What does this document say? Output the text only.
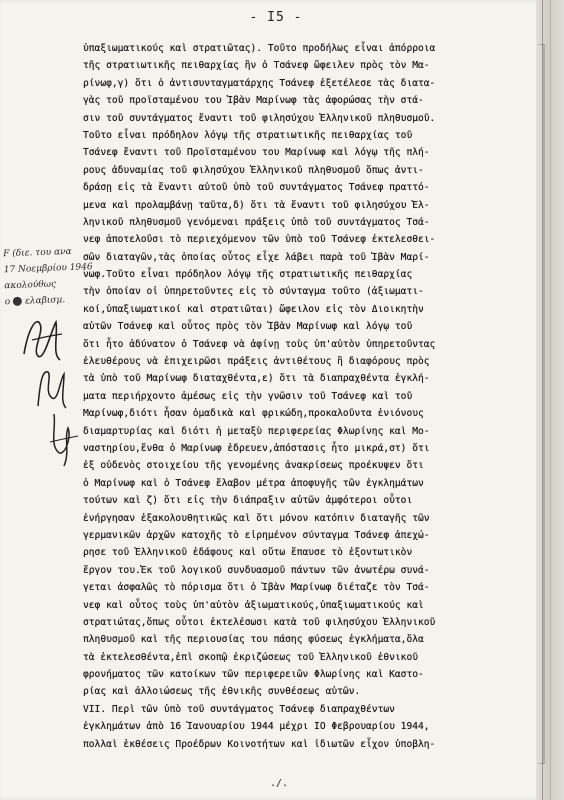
- I5 -
ὑπαξιωματικούς καὶ στρατιῶτας). Τοῦτο προδήλως εἶναι ἀπόρροια
τῆς στρατιωτικῆς πειθαρχίας ἣν ὁ Τσάνεφ ὤφειλεν πρὸς τὸν Μα-
ρίνωφ,γ) ὅτι ὁ ἀντισυνταγματάρχης Τσάνεφ ἐξετέλεσε τὰς διατα-
γὰς τοῦ προϊσταμένου του Ἰβὰν Μαρίνωφ τὰς ἀφορώσας τὴν στά-
σιν τοῦ συντάγματος ἔναντι τοῦ φιλησύχου Ἑλληνικοῦ πληθυσμοῦ.
Τοῦτο εἶναι πρόδηλον λόγῳ τῆς στρατιωτικῆς πειθαρχίας τοῦ
Τσάνεφ ἔναντι τοῦ Προϊσταμένου του Μαρίνωφ καὶ λόγῳ τῆς πλή-
ρους ἀδυναμίας τοῦ φιλησύχου Ἑλληνικοῦ πληθυσμοῦ ὅπως ἀντι-
δράσῃ εἰς τὰ ἔναντι αὐτοῦ ὑπὸ τοῦ συντάγματος Τσάνεφ πραττό-
μενα καὶ προλαμβάνῃ ταῦτα,δ) ὅτι τὰ ἔναντι τοῦ φιλησύχου Ἑλ-
ληνικοῦ πληθυσμοῦ γενόμεναι πράξεις ὑπὸ τοῦ συντάγματος Τσά-
νεφ ἀποτελοῦσι τὸ περιεχόμενον τῶν ὑπὸ τοῦ Τσάνεφ ἐκτελεσθει-
σῶν διαταγῶν,τὰς ὁποίας οὗτος εἶχε λάβει παρὰ τοῦ Ἰβὰν Μαρί-
νωφ.Τοῦτο εἶναι πρόδηλον λόγῳ τῆς στρατιωτικῆς πειθαρχίας
τὴν ὁποίαν οἱ ὑπηρετοῦντες εἰς τὸ σύνταγμα τοῦτο (ἀξιωματι-
κοί,ὑπαξιωματικοί καὶ στρατιῶται) ὤφειλον εἰς τὸν Διοικητὴν
αὐτῶν Τσάνεφ καὶ οὗτος πρὸς τὸν Ἰβὰν Μαρίνωφ καὶ λόγῳ τοῦ
ὅτι ἦτο ἀδύνατον ὁ Τσάνεφ νὰ ἀφίνῃ τοὺς ὑπ'αὐτὸν ὑπηρετοῦντας
ἐλευθέρους νὰ ἐπιχειρῶσι πράξεις ἀντιθέτους ἢ διαφόρους πρὸς
τὰ ὑπὸ τοῦ Μαρίνωφ διαταχθέντα,ε) ὅτι τὰ διαπραχθέντα ἐγκλή-
ματα περιήρχοντο ἀμέσως εἰς τὴν γνῶσιν τοῦ Τσάνεφ καὶ τοῦ
Μαρίνωφ,διότι ἦσαν ὁμαδικὰ καὶ φρικώδη,προκαλοῦντα ἐνιόνους
διαμαρτυρίας καὶ διότι ἡ μεταξὺ περιφερείας Φλωρίνης καὶ Μο-
ναστηρίου,ἔνθα ὁ Μαρίνωφ ἐδρευεν,ἀπόστασις ἦτο μικρά,στ) ὅτι
ἐξ οὐδενὸς στοιχείου τῆς γενομένης ἀνακρίσεως προέκυψεν ὅτι
ὁ Μαρίνωφ καὶ ὁ Τσάνεφ ἔλαβον μέτρα ἀποφυγῆς τῶν ἐγκλημάτων
τούτων καὶ ζ) ὅτι εἰς τὴν διάπραξιν αὐτῶν ἀμφότεροι οὗτοι
ἐνήργησαν ἐξακολουθητικῶς καὶ ὅτι μόνον κατόπιν διαταγῆς τῶν
γερμανικῶν ἀρχῶν κατοχῆς τὸ εἰρημένον σύνταγμα Τσάνεφ ἀπεχώ-
ρησε τοῦ Ἑλληνικοῦ ἐδάφους καὶ οὕτω ἔπαυσε τὸ ἐξοντωτικὸν
ἔργον του.Ἐκ τοῦ λογικοῦ συνδυασμοῦ πάντων τῶν ἀνωτέρω συνά-
γεται ἀσφαλῶς τὸ πόρισμα ὅτι ὁ Ἰβὰν Μαρίνωφ διέταζε τὸν Τσά-
νεφ καὶ οὗτος τοὺς ὑπ'αὐτὸν ἀξιωματικούς,ὑπαξιωματικούς καὶ
στρατιώτας,ὅπως οὗτοι ἐκτελέσωσι κατὰ τοῦ φιλησύχου Ἑλληνικοῦ
πληθυσμοῦ καὶ τῆς περιουσίας του πάσης φύσεως ἐγκλήματα,ὅλα
τὰ ἐκτελεσθέντα,ἐπὶ σκοπῷ ἐκριζώσεως τοῦ Ἑλληνικοῦ ἐθνικοῦ
φρονήματος τῶν κατοίκων τῶν περιφερειῶν Φλωρίνης καὶ Καστο-
ρίας καὶ ἀλλοιώσεως τῆς ἐθνικῆς συνθέσεως αὐτῶν.
VII. Περὶ τῶν ὑπὸ τοῦ συντάγματος Τσάνεφ διαπραχθέντων
ἐγκλημάτων ἀπὸ 16 Ἰανουαρίου 1944 μέχρι IO Φεβρουαρίου 1944,
πολλαὶ ἐκθέσεις Προέδρων Κοινοτήτων καὶ ἰδιωτῶν εἶχον ὑποβλη-
F (διε. του ανα
17 Νοεμβρίου 1946
ακολούθως
ο ελαβισμ.
./.
